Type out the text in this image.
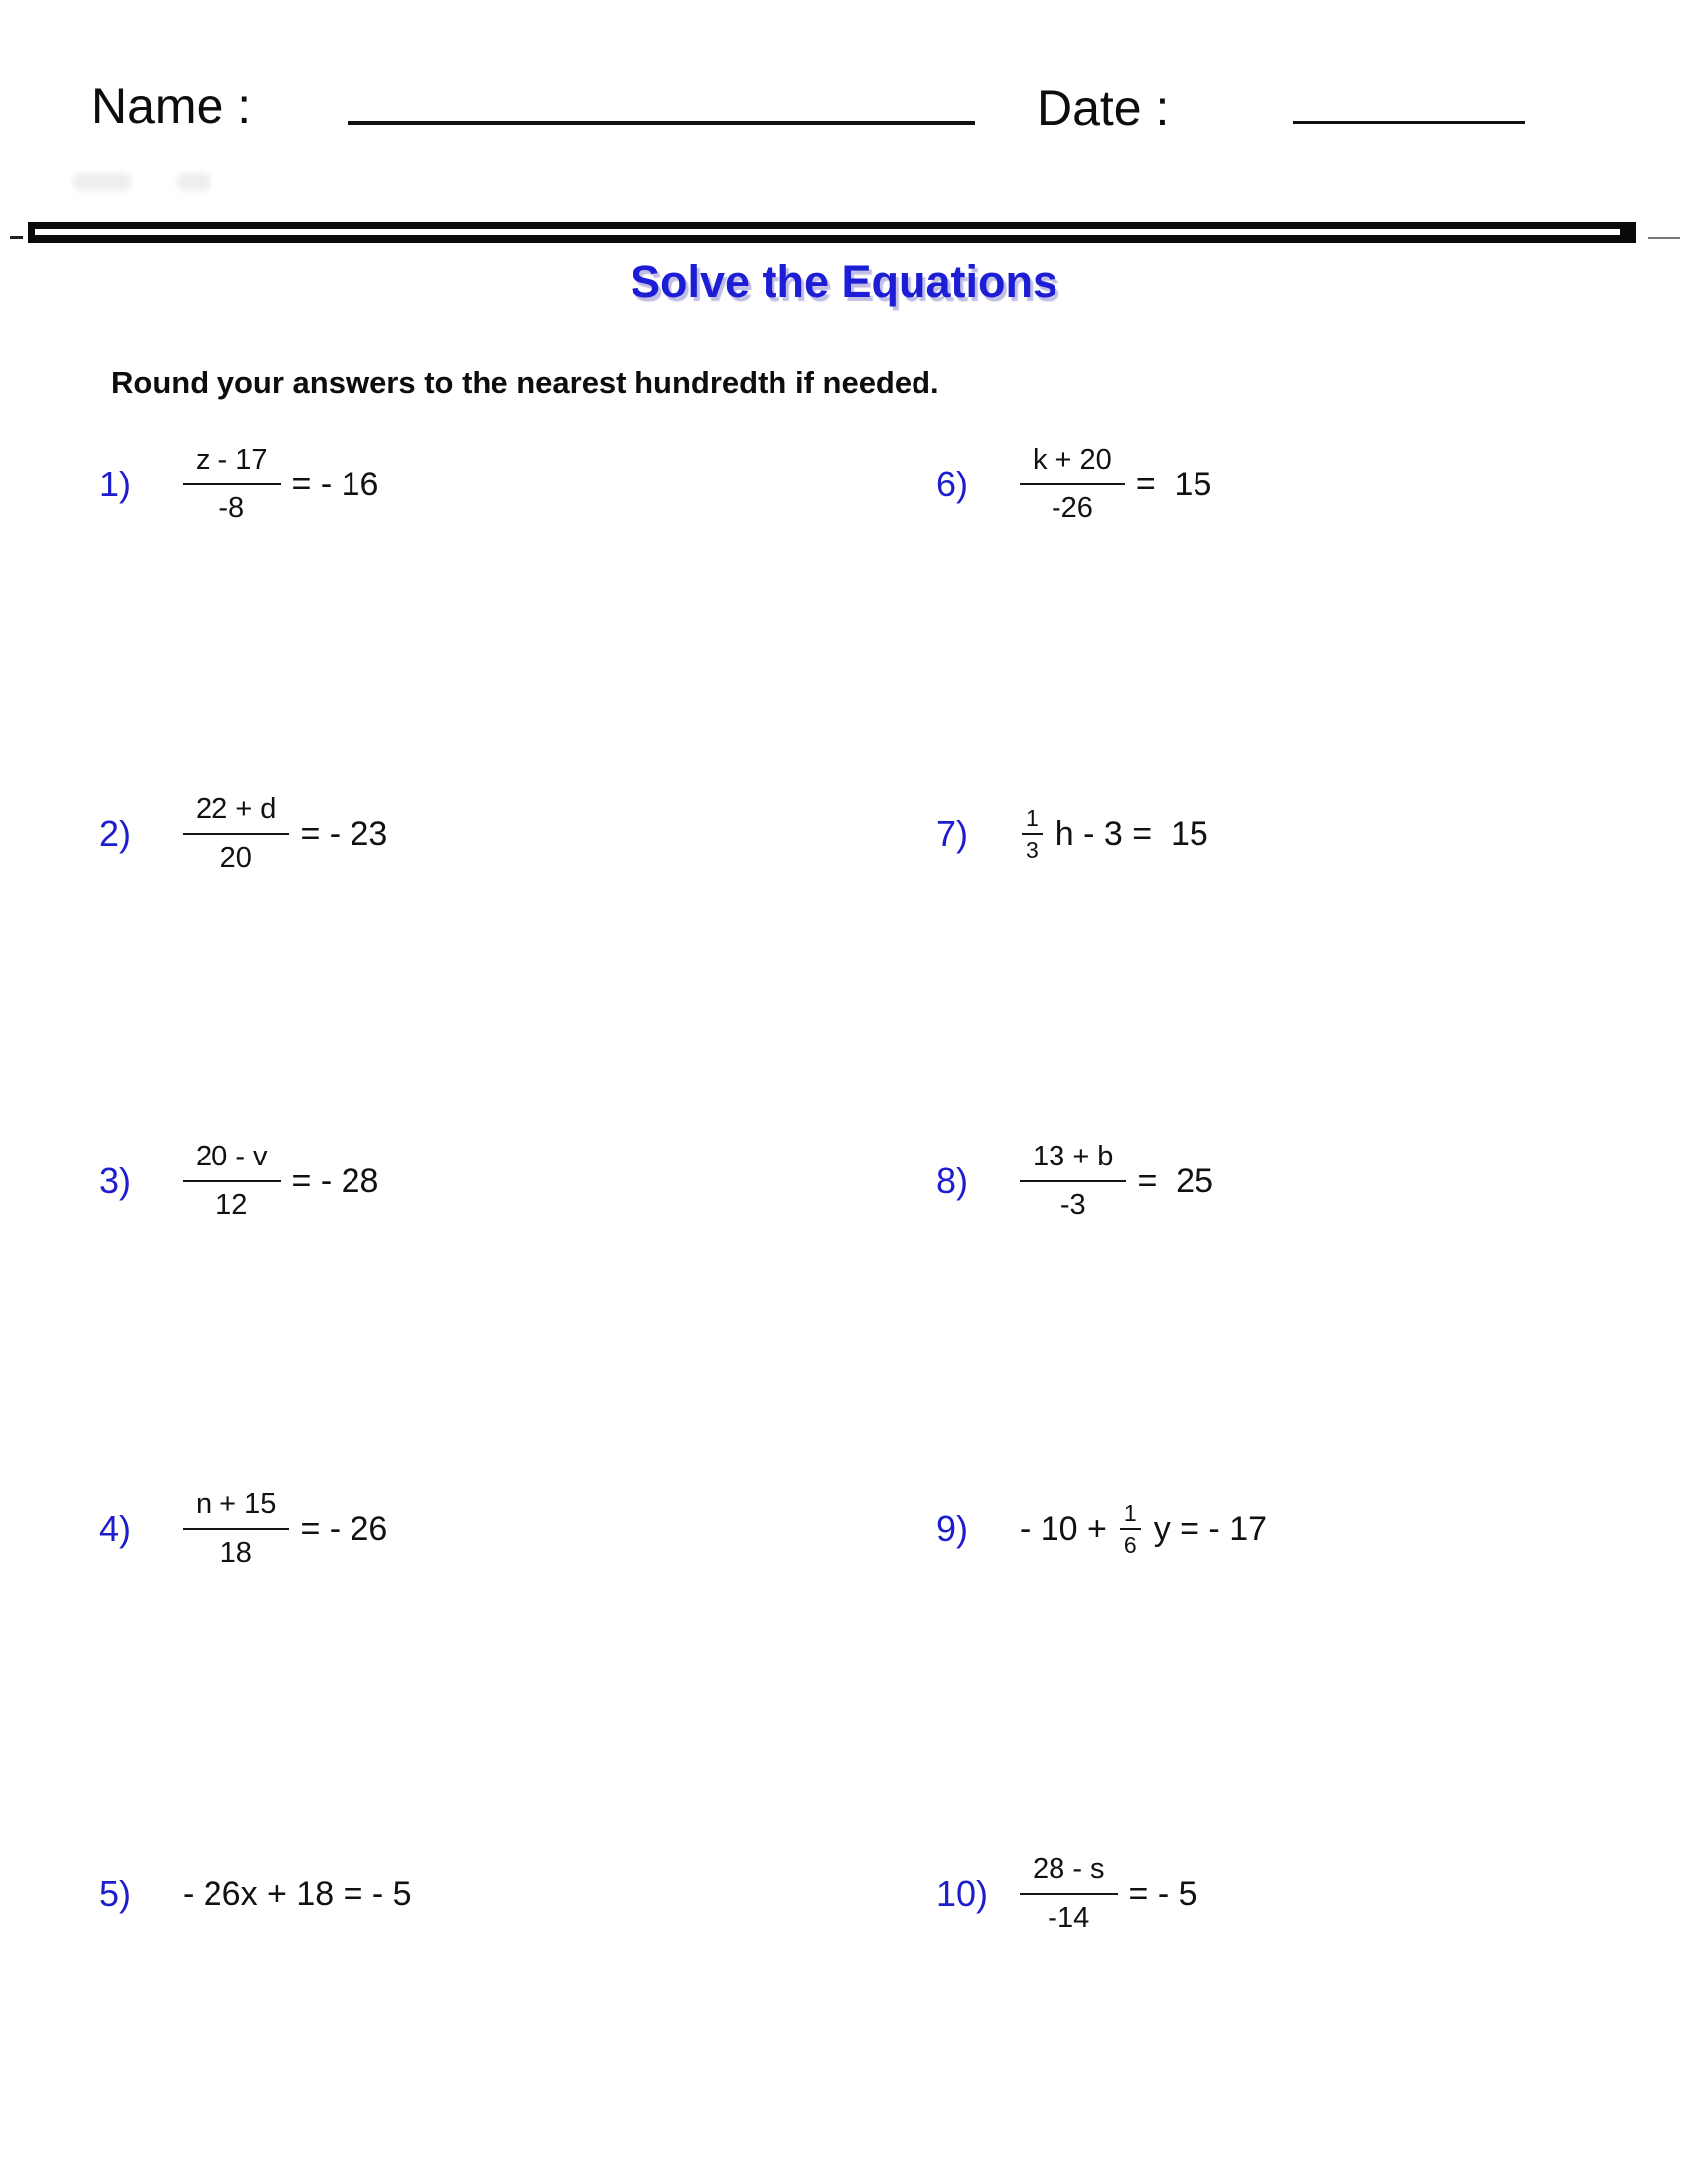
Name :	Date :
Solve the Equations
Round your answers to the nearest hundredth if needed.
1)	$\frac{z - 17}{-8}$ = - 16
2)	$\frac{22 + d}{20}$ = - 23
3)	$\frac{20 - v}{12}$ = - 28
4)	$\frac{n + 15}{18}$ = - 26
5)	- 26x + 18 = - 5
6)	$\frac{k + 20}{-26} = 15$
7)	$\frac{1}{3}$ h - 3 =  15
8)	$\frac{13 + b}{-3} = 25$
9)	- $10 + \frac{1}{6}$ y = - 17
10)	$\frac{28 - s}{-14}$ = - 5
